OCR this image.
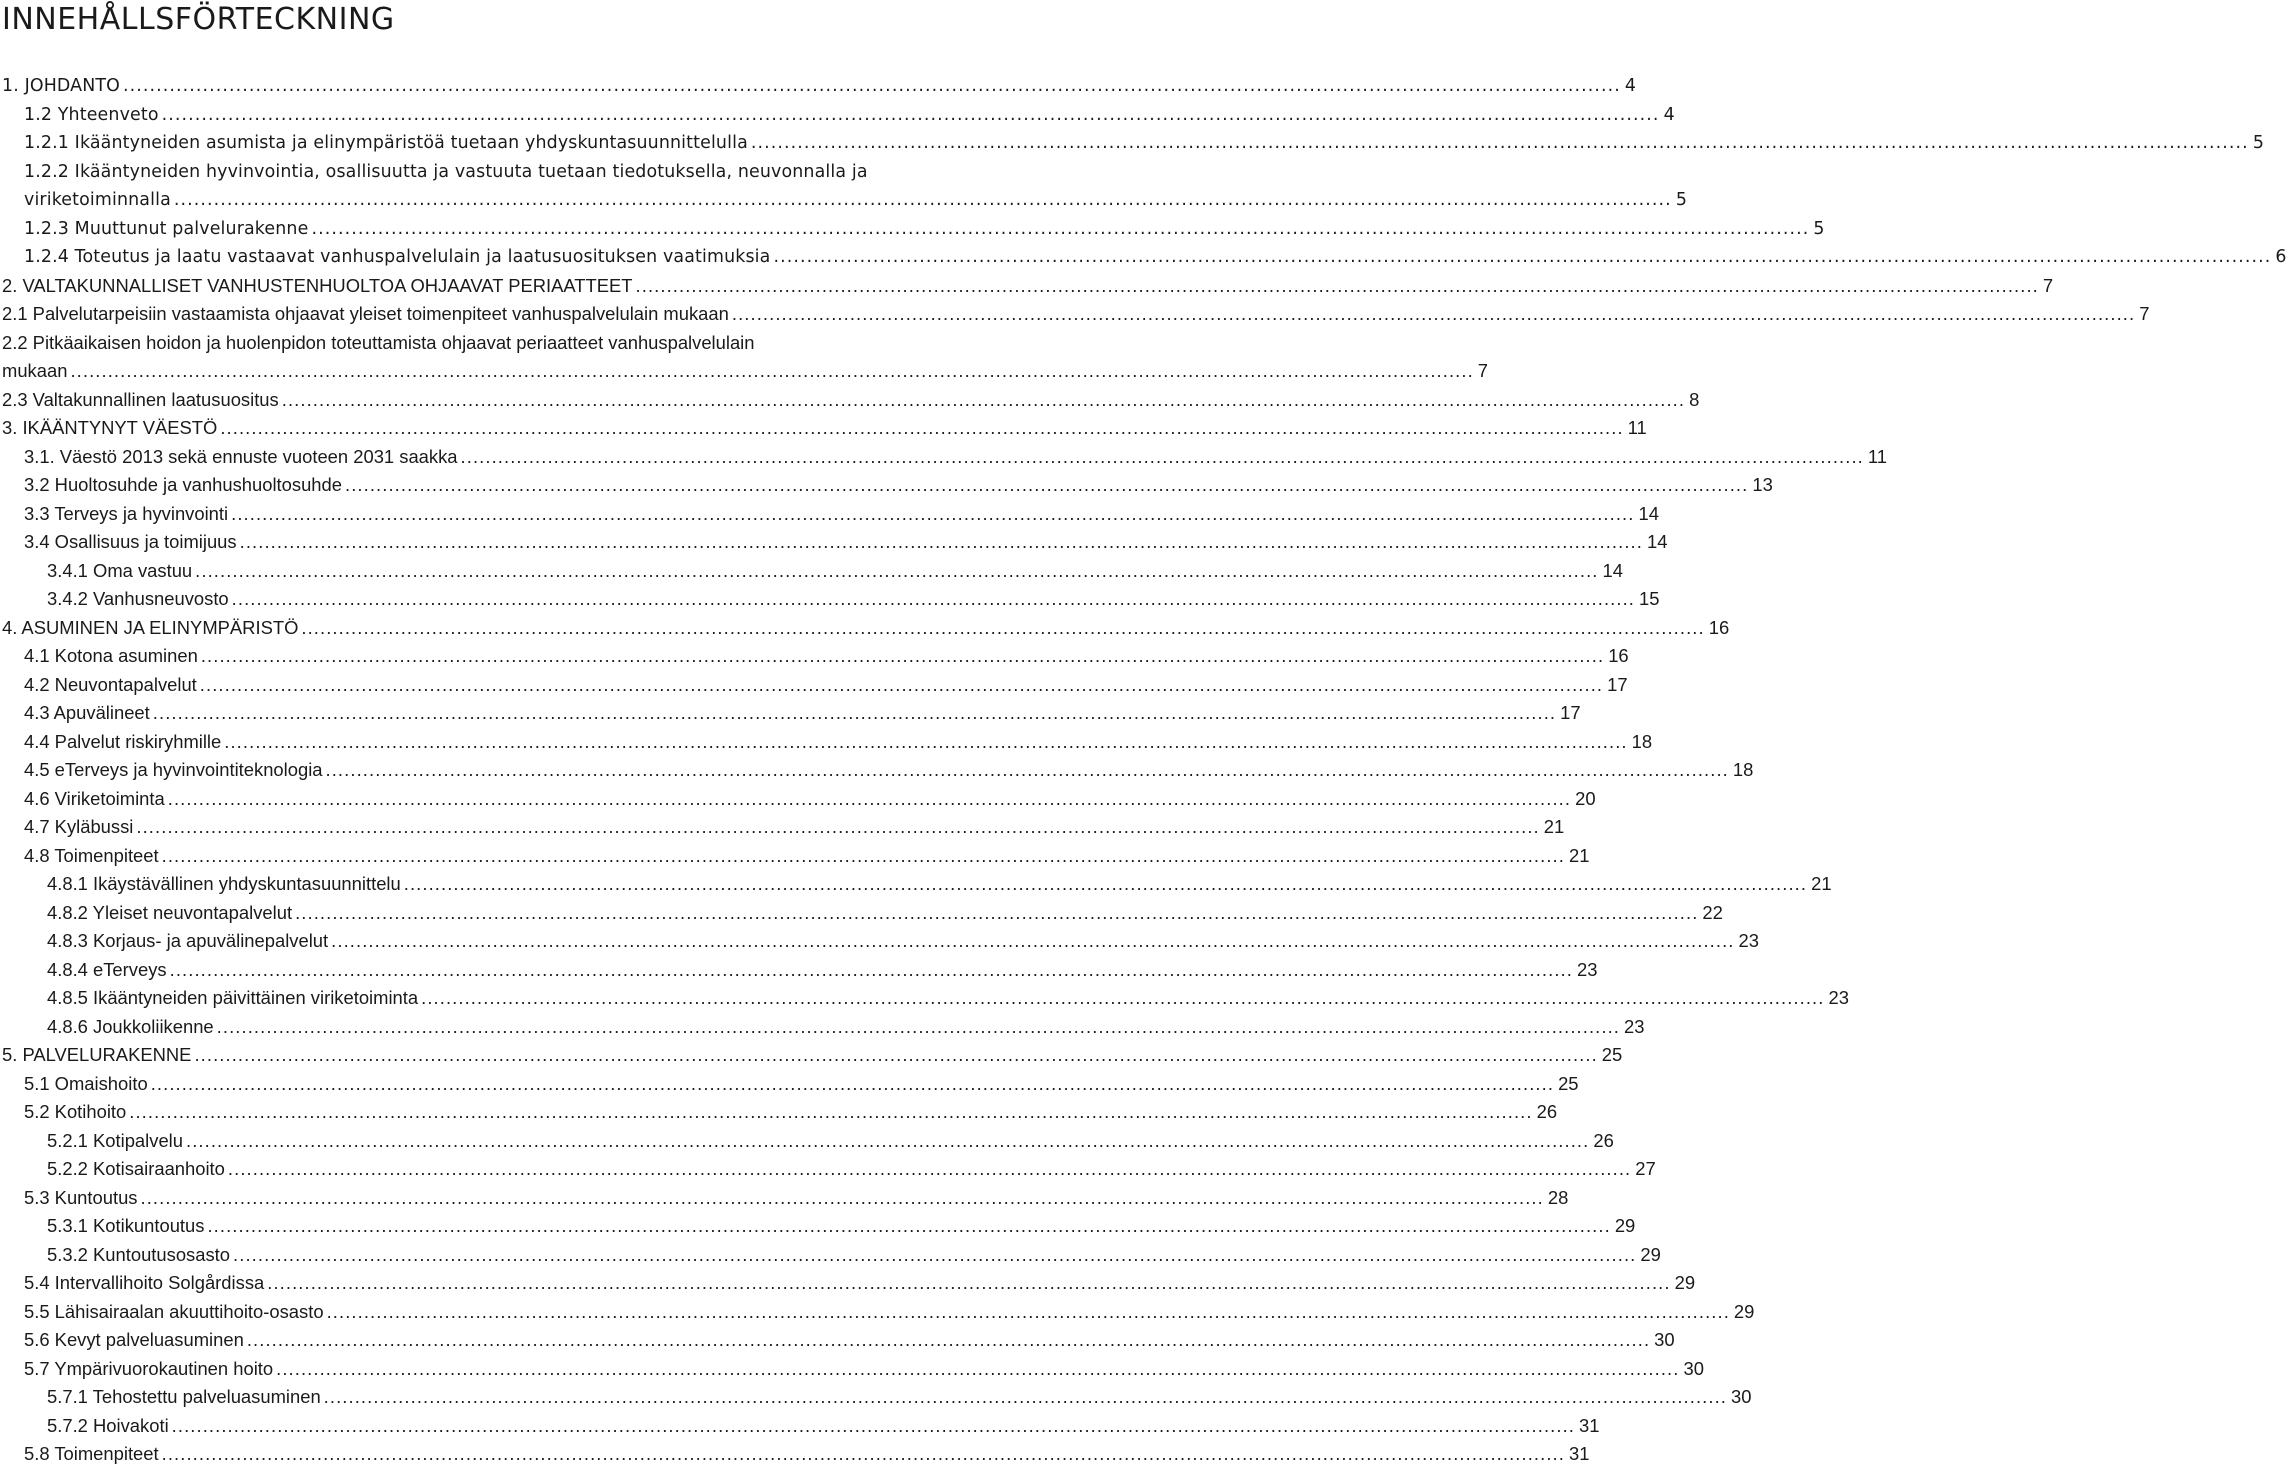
INNEHÅLLSFÖRTECKNING
1. JOHDANTO .....	4
1.2 Yhteenveto .....	4
1.2.1 Ikääntyneiden asumista ja elinympäristöä tuetaan yhdyskuntasuunnittelulla .....	5
1.2.2 Ikääntyneiden hyvinvointia, osallisuutta ja vastuuta tuetaan tiedotuksella, neuvonnalla ja
viriketoiminnalla .....	5
1.2.3 Muuttunut palvelurakenne .....	5
1.2.4 Toteutus ja laatu vastaavat vanhuspalvelulain ja laatusuosituksen vaatimuksia .....	6
2. VALTAKUNNALLISET VANHUSTENHUOLTOA OHJAAVAT PERIAATTEET .....	7
2.1 Palvelutarpeisiin vastaamista ohjaavat yleiset toimenpiteet vanhuspalvelulain mukaan .....	7
2.2 Pitkäaikaisen hoidon ja huolenpidon toteuttamista ohjaavat periaatteet vanhuspalvelulain
mukaan .....	7
2.3 Valtakunnallinen laatusuositus .....	8
3. IKÄÄNTYNYT VÄESTÖ .....	11
3.1. Väestö 2013 sekä ennuste vuoteen 2031 saakka .....	11
3.2 Huoltosuhde ja vanhushuoltosuhde .....	13
3.3 Terveys ja hyvinvointi .....	14
3.4 Osallisuus ja toimijuus .....	14
3.4.1 Oma vastuu .....	14
3.4.2 Vanhusneuvosto .....	15
4. ASUMINEN JA ELINYMPÄRISTÖ .....	16
4.1 Kotona asuminen .....	16
4.2 Neuvontapalvelut .....	17
4.3 Apuvälineet .....	17
4.4 Palvelut riskiryhmille .....	18
4.5 eTerveys ja hyvinvointiteknologia .....	18
4.6 Viriketoiminta .....	20
4.7 Kyläbussi .....	21
4.8 Toimenpiteet .....	21
4.8.1 Ikäystävällinen yhdyskuntasuunnittelu .....	21
4.8.2 Yleiset neuvontapalvelut .....	22
4.8.3 Korjaus- ja apuvälinepalvelut .....	23
4.8.4 eTerveys .....	23
4.8.5 Ikääntyneiden päivittäinen viriketoiminta .....	23
4.8.6 Joukkoliikenne .....	23
5. PALVELURAKENNE .....	25
5.1 Omaishoito .....	25
5.2 Kotihoito .....	26
5.2.1 Kotipalvelu .....	26
5.2.2 Kotisairaanhoito .....	27
5.3 Kuntoutus .....	28
5.3.1 Kotikuntoutus .....	29
5.3.2 Kuntoutusosasto .....	29
5.4 Intervallihoito Solgårdissa .....	29
5.5 Lähisairaalan akuuttihoito-osasto .....	29
5.6 Kevyt palveluasuminen .....	30
5.7 Ympärivuorokautinen hoito .....	30
5.7.1 Tehostettu palveluasuminen .....	30
5.7.2 Hoivakoti .....	31
5.8 Toimenpiteet .....	31
